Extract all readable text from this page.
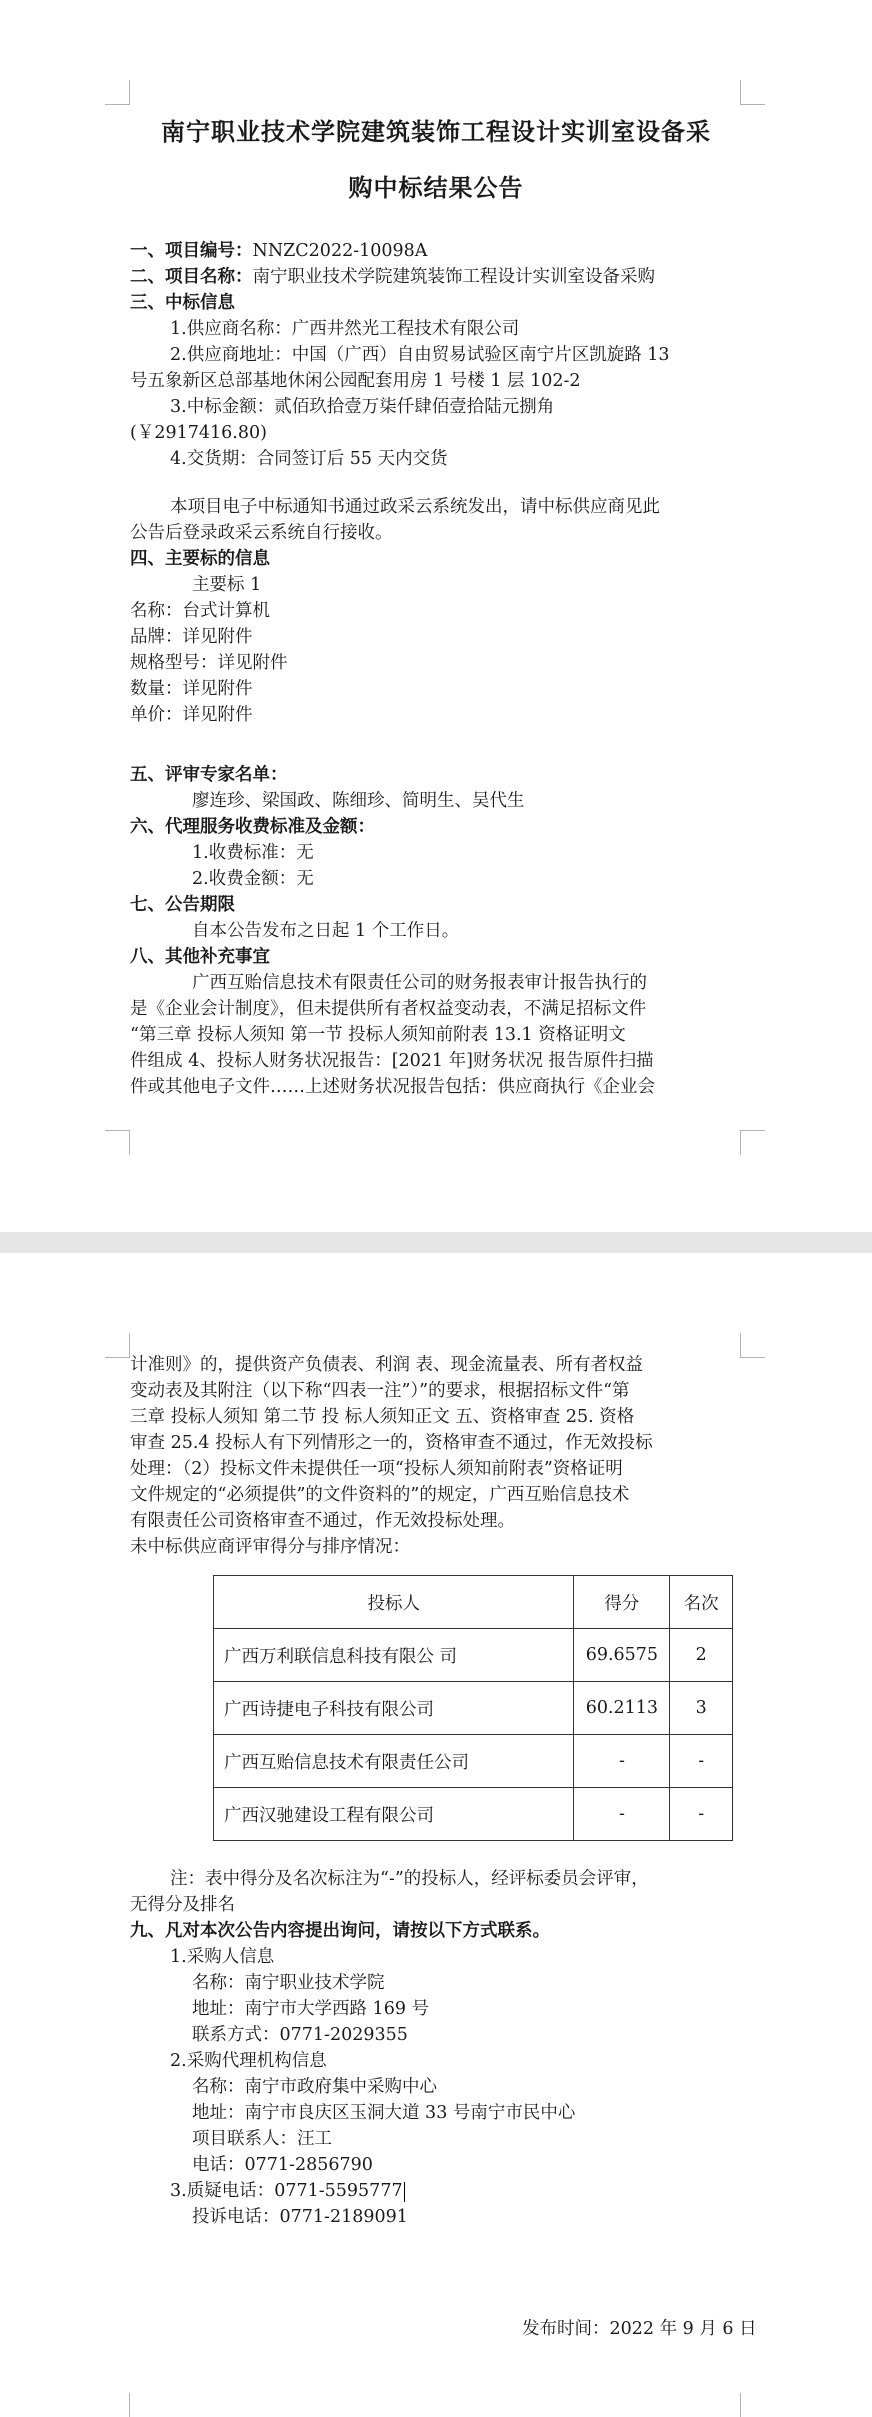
南宁职业技术学院建筑装饰工程设计实训室设备采
购中标结果公告
一、项目编号：NNZC2022-10098A
二、项目名称：南宁职业技术学院建筑装饰工程设计实训室设备采购
三、中标信息
1.供应商名称：广西井然光工程技术有限公司
2.供应商地址：中国（广西）自由贸易试验区南宁片区凯旋路 13
号五象新区总部基地休闲公园配套用房 1 号楼 1 层 102-2
3.中标金额：贰佰玖拾壹万柒仟肆佰壹拾陆元捌角
(￥2917416.80)
4.交货期：合同签订后 55 天内交货
本项目电子中标通知书通过政采云系统发出，请中标供应商见此
公告后登录政采云系统自行接收。
四、主要标的信息
主要标 1
名称：台式计算机
品牌：详见附件
规格型号：详见附件
数量：详见附件
单价：详见附件
五、评审专家名单：
廖连珍、梁国政、陈细珍、简明生、吴代生
六、代理服务收费标准及金额：
1.收费标准：无
2.收费金额：无
七、公告期限
自本公告发布之日起 1 个工作日。
八、其他补充事宜
广西互贻信息技术有限责任公司的财务报表审计报告执行的
是《企业会计制度》，但未提供所有者权益变动表，不满足招标文件
“第三章 投标人须知 第一节 投标人须知前附表 13.1 资格证明文
件组成 4、投标人财务状况报告：[2021 年]财务状况 报告原件扫描
件或其他电子文件……上述财务状况报告包括：供应商执行《企业会
计准则》的，提供资产负债表、利润 表、现金流量表、所有者权益
变动表及其附注（以下称“四表一注”）”的要求，根据招标文件“第
三章 投标人须知 第二节 投 标人须知正文 五、资格审查 25. 资格
审查 25.4 投标人有下列情形之一的，资格审查不通过，作无效投标
处理：（2）投标文件未提供任一项“投标人须知前附表”资格证明
文件规定的“必须提供”的文件资料的”的规定，广西互贻信息技术
有限责任公司资格审查不通过，作无效投标处理。
未中标供应商评审得分与排序情况：
投标人	得分	名次
广西万利联信息科技有限公 司	69.6575	2
广西诗捷电子科技有限公司	60.2113	3
广西互贻信息技术有限责任公司	-	-
广西汉驰建设工程有限公司	-	-
注：表中得分及名次标注为“-”的投标人，经评标委员会评审，
无得分及排名
九、凡对本次公告内容提出询问，请按以下方式联系。
1.采购人信息
名称：南宁职业技术学院
地址：南宁市大学西路 169 号
联系方式：0771-2029355
2.采购代理机构信息
名称：南宁市政府集中采购中心
地址：南宁市良庆区玉洞大道 33 号南宁市民中心
项目联系人：汪工
电话：0771-2856790
3.质疑电话：0771-5595777
投诉电话：0771-2189091
发布时间：2022 年 9 月 6 日
